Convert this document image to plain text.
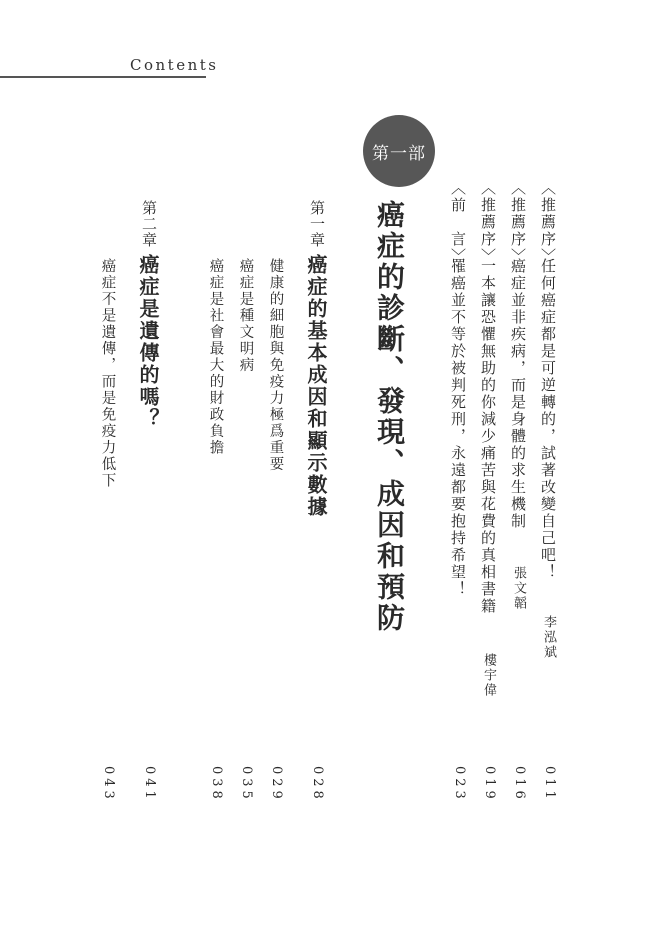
Contents
〈推薦序〉
任何癌症都是可逆轉的，試著改變自己吧！
李泓斌
011
〈推薦序〉
癌症並非疾病，而是身體的求生機制
張文韜
016
〈推薦序〉
一本讓恐懼無助的你減少痛苦與花費的真相書籍
樓宇偉
019
〈前　言〉
罹癌並不等於被判死刑，永遠都要抱持希望！
023
第一部
癌症的診斷、發現、成因和預防
第一章
癌症的基本成因和顯示數據
028
健康的細胞與免疫力極爲重要
029
癌症是種文明病
035
癌症是社會最大的財政負擔
038
第二章
癌症是遺傳的嗎？
041
癌症不是遺傳，而是免疫力低下
043
